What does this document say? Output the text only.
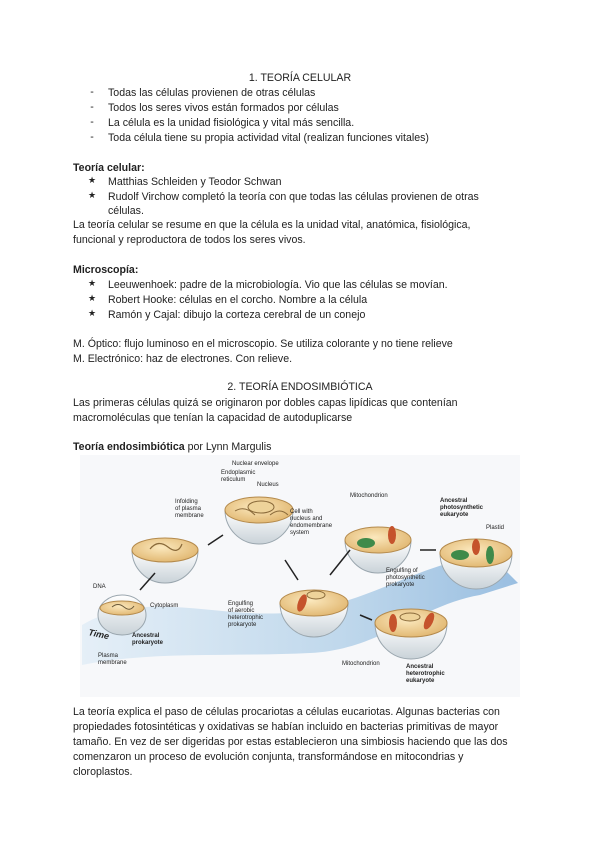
1. TEORÍA CELULAR
-	Todas las células provienen de otras células
-	Todos los seres vivos están formados por células
-	La célula es la unidad fisiológica y vital más sencilla.
-	Toda célula tiene su propia actividad vital (realizan funciones vitales)
Teoría celular:
★ Matthias Schleiden y Teodor Schwan
★ Rudolf Virchow completó la teoría con que todas las células provienen de otras
células.
La teoría celular se resume en que la célula es la unidad vital, anatómica, fisiológica,
funcional y reproductora de todos los seres vivos.
Microscopía:
★ Leeuwenhoek: padre de la microbiología. Vio que las células se movían.
★ Robert Hooke: células en el corcho. Nombre a la célula
★ Ramón y Cajal: dibujo la corteza cerebral de un conejo
M. Óptico: flujo luminoso en el microscopio. Se utiliza colorante y no tiene relieve
M. Electrónico: haz de electrones. Con relieve.
2. TEORÍA ENDOSIMBIÓTICA
Las primeras células quizá se originaron por dobles capas lipídicas que contenían
macromoléculas que tenían la capacidad de autoduplicarse
Teoría endosimbiótica por Lynn Margulis
Nuclear envelope
Endoplasmic
reticulum
Nucleus
Infolding
of plasma
membrane
Cell with
nucleus and
endomembrane
system
Mitochondrion
Ancestral
photosynthetic
eukaryote
Plastid
Engulfing of
photosynthetic
prokaryote
DNA
Cytoplasm	Engulfing
of aerobic
heterotrophic
prokaryote
Ancestral
prokaryote
Time
Plasma
membrane	Mitochondrion	Ancestral
heterotrophic
eukaryote
La teoría explica el paso de células procariotas a células eucariotas. Algunas bacterias con
propiedades fotosintéticas y oxidativas se habían incluido en bacterias primitivas de mayor
tamaño. En vez de ser digeridas por estas establecieron una simbiosis haciendo que las dos
comenzaron un proceso de evolución conjunta, transformándose en mitocondrias y
cloroplastos.
